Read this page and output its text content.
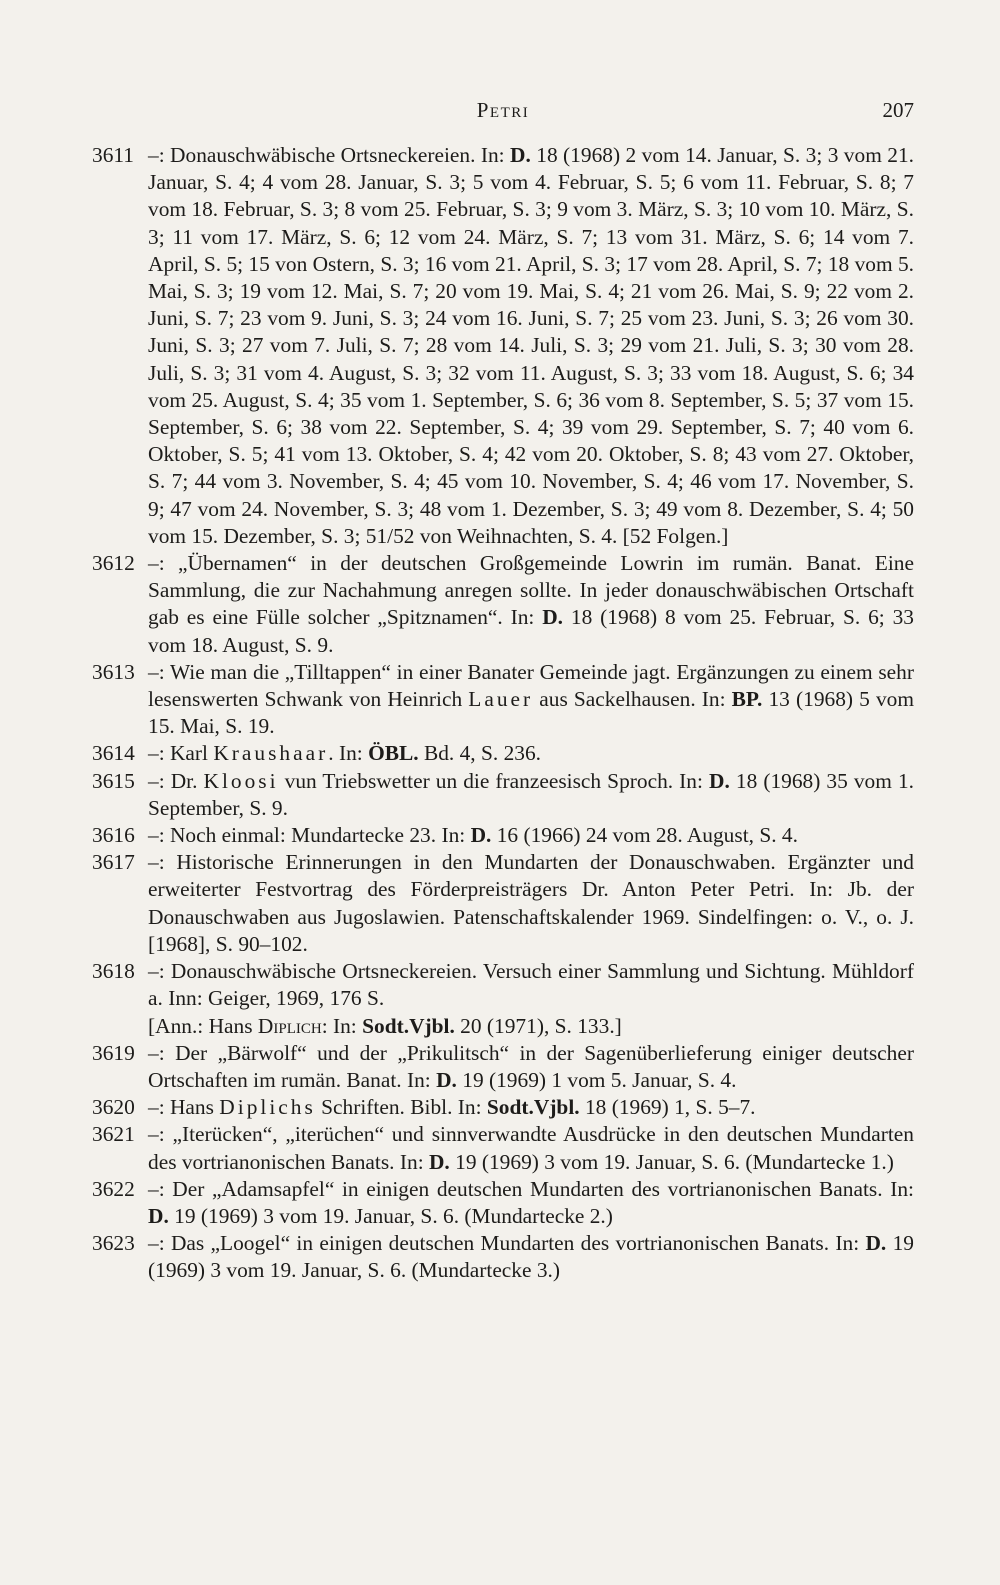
Petri	207

3611 –: Donauschwäbische Ortsneckereien. In: D. 18 (1968) 2 vom 14. Januar, S. 3; 3 vom 21. Januar, S. 4; 4 vom 28. Januar, S. 3; 5 vom 4. Februar, S. 5; 6 vom 11. Februar, S. 8; 7 vom 18. Februar, S. 3; 8 vom 25. Februar, S. 3; 9 vom 3. März, S. 3; 10 vom 10. März, S. 3; 11 vom 17. März, S. 6; 12 vom 24. März, S. 7; 13 vom 31. März, S. 6; 14 vom 7. April, S. 5; 15 von Ostern, S. 3; 16 vom 21. April, S. 3; 17 vom 28. April, S. 7; 18 vom 5. Mai, S. 3; 19 vom 12. Mai, S. 7; 20 vom 19. Mai, S. 4; 21 vom 26. Mai, S. 9; 22 vom 2. Juni, S. 7; 23 vom 9. Juni, S. 3; 24 vom 16. Juni, S. 7; 25 vom 23. Juni, S. 3; 26 vom 30. Juni, S. 3; 27 vom 7. Juli, S. 7; 28 vom 14. Juli, S. 3; 29 vom 21. Juli, S. 3; 30 vom 28. Juli, S. 3; 31 vom 4. August, S. 3; 32 vom 11. August, S. 3; 33 vom 18. August, S. 6; 34 vom 25. August, S. 4; 35 vom 1. September, S. 6; 36 vom 8. September, S. 5; 37 vom 15. September, S. 6; 38 vom 22. September, S. 4; 39 vom 29. September, S. 7; 40 vom 6. Oktober, S. 5; 41 vom 13. Oktober, S. 4; 42 vom 20. Oktober, S. 8; 43 vom 27. Oktober, S. 7; 44 vom 3. November, S. 4; 45 vom 10. November, S. 4; 46 vom 17. November, S. 9; 47 vom 24. November, S. 3; 48 vom 1. Dezember, S. 3; 49 vom 8. Dezember, S. 4; 50 vom 15. Dezember, S. 3; 51/52 von Weihnachten, S. 4. [52 Folgen.]

3612 –: „Übernamen“ in der deutschen Großgemeinde Lowrin im rumän. Banat. Eine Sammlung, die zur Nachahmung anregen sollte. In jeder donauschwäbischen Ortschaft gab es eine Fülle solcher „Spitznamen“. In: D. 18 (1968) 8 vom 25. Februar, S. 6; 33 vom 18. August, S. 9.

3613 –: Wie man die „Tilltappen“ in einer Banater Gemeinde jagt. Ergänzungen zu einem sehr lesenswerten Schwank von Heinrich Lauer aus Sackelhausen. In: BP. 13 (1968) 5 vom 15. Mai, S. 19.

3614 –: Karl Kraushaar. In: ÖBL. Bd. 4, S. 236.

3615 –: Dr. Kloosi vun Triebswetter un die franzeesisch Sproch. In: D. 18 (1968) 35 vom 1. September, S. 9.

3616 –: Noch einmal: Mundartecke 23. In: D. 16 (1966) 24 vom 28. August, S. 4.

3617 –: Historische Erinnerungen in den Mundarten der Donauschwaben. Ergänzter und erweiterter Festvortrag des Förderpreisträgers Dr. Anton Peter Petri. In: Jb. der Donauschwaben aus Jugoslawien. Patenschaftskalender 1969. Sindelfingen: o. V., o. J. [1968], S. 90–102.

3618 –: Donauschwäbische Ortsneckereien. Versuch einer Sammlung und Sichtung. Mühldorf a. Inn: Geiger, 1969, 176 S.
[Ann.: Hans Diplich: In: Sodt.Vjbl. 20 (1971), S. 133.]

3619 –: Der „Bärwolf“ und der „Prikulitsch“ in der Sagenüberlieferung einiger deutscher Ortschaften im rumän. Banat. In: D. 19 (1969) 1 vom 5. Januar, S. 4.

3620 –: Hans Diplichs Schriften. Bibl. In: Sodt.Vjbl. 18 (1969) 1, S. 5–7.

3621 –: „Iterücken“, „iterüchen“ und sinnverwandte Ausdrücke in den deutschen Mundarten des vortrianonischen Banats. In: D. 19 (1969) 3 vom 19. Januar, S. 6. (Mundartecke 1.)

3622 –: Der „Adamsapfel“ in einigen deutschen Mundarten des vortrianonischen Banats. In: D. 19 (1969) 3 vom 19. Januar, S. 6. (Mundartecke 2.)

3623 –: Das „Loogel“ in einigen deutschen Mundarten des vortrianonischen Banats. In: D. 19 (1969) 3 vom 19. Januar, S. 6. (Mundartecke 3.)
